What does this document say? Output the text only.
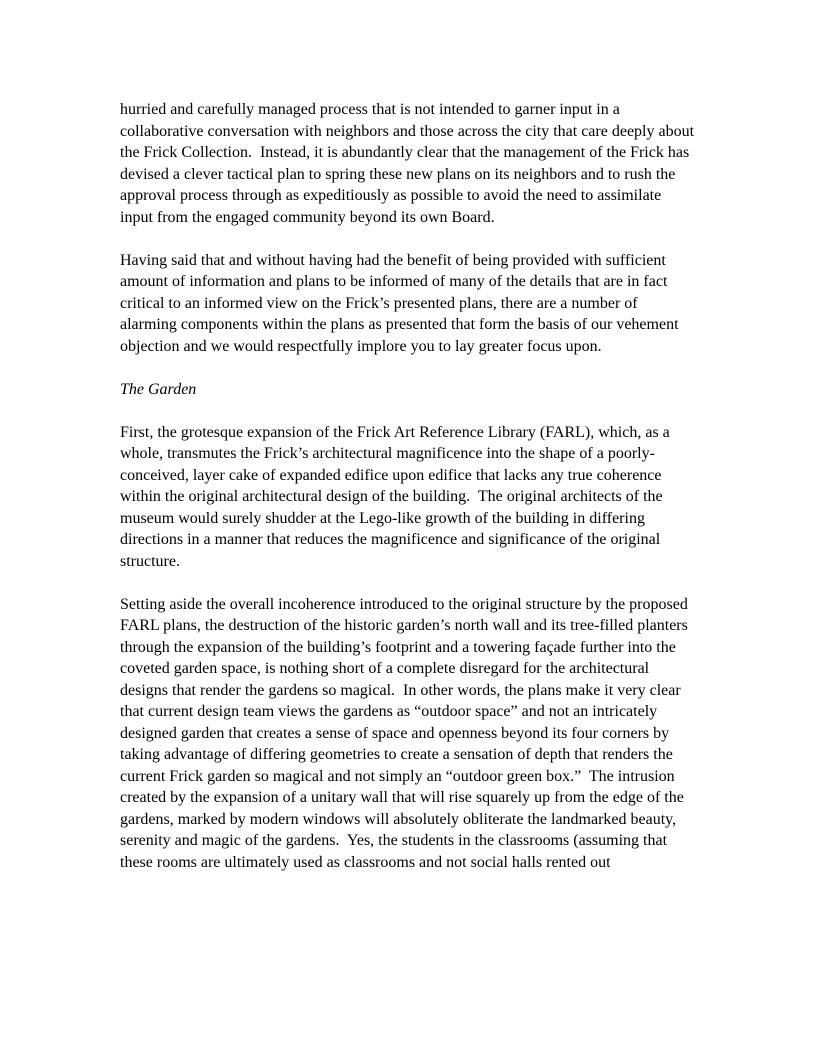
hurried and carefully managed process that is not intended to garner input in a collaborative conversation with neighbors and those across the city that care deeply about the Frick Collection.  Instead, it is abundantly clear that the management of the Frick has devised a clever tactical plan to spring these new plans on its neighbors and to rush the approval process through as expeditiously as possible to avoid the need to assimilate input from the engaged community beyond its own Board.

Having said that and without having had the benefit of being provided with sufficient amount of information and plans to be informed of many of the details that are in fact critical to an informed view on the Frick’s presented plans, there are a number of alarming components within the plans as presented that form the basis of our vehement objection and we would respectfully implore you to lay greater focus upon.

The Garden

First, the grotesque expansion of the Frick Art Reference Library (FARL), which, as a whole, transmutes the Frick’s architectural magnificence into the shape of a poorly-conceived, layer cake of expanded edifice upon edifice that lacks any true coherence within the original architectural design of the building.  The original architects of the museum would surely shudder at the Lego-like growth of the building in differing directions in a manner that reduces the magnificence and significance of the original structure.

Setting aside the overall incoherence introduced to the original structure by the proposed FARL plans, the destruction of the historic garden’s north wall and its tree-filled planters through the expansion of the building’s footprint and a towering façade further into the coveted garden space, is nothing short of a complete disregard for the architectural designs that render the gardens so magical.  In other words, the plans make it very clear that current design team views the gardens as “outdoor space” and not an intricately designed garden that creates a sense of space and openness beyond its four corners by taking advantage of differing geometries to create a sensation of depth that renders the current Frick garden so magical and not simply an “outdoor green box.”  The intrusion created by the expansion of a unitary wall that will rise squarely up from the edge of the gardens, marked by modern windows will absolutely obliterate the landmarked beauty, serenity and magic of the gardens.  Yes, the students in the classrooms (assuming that these rooms are ultimately used as classrooms and not social halls rented out
